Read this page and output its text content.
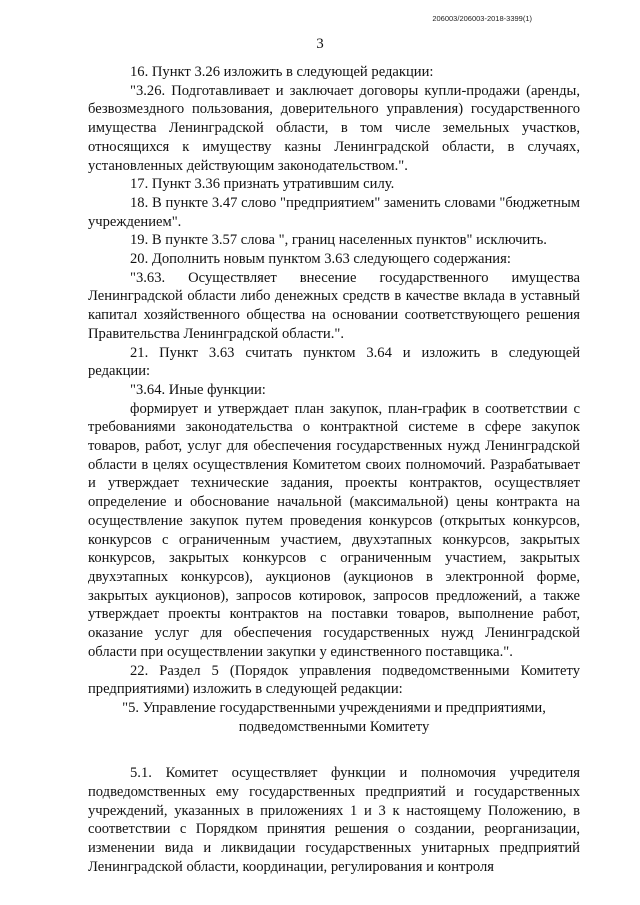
206003/206003-2018-3399(1)
3

16. Пункт 3.26 изложить в следующей редакции:

"3.26. Подготавливает и заключает договоры купли-продажи (аренды, безвозмездного пользования, доверительного управления) государственного имущества Ленинградской области, в том числе земельных участков, относящихся к имуществу казны Ленинградской области, в случаях, установленных действующим законодательством.".

17. Пункт 3.36 признать утратившим силу.

18. В пункте 3.47 слово "предприятием" заменить словами "бюджетным учреждением".

19. В пункте 3.57 слова ", границ населенных пунктов" исключить.

20. Дополнить новым пунктом 3.63 следующего содержания:

"3.63. Осуществляет внесение государственного имущества Ленинградской области либо денежных средств в качестве вклада в уставный капитал хозяйственного общества на основании соответствующего решения Правительства Ленинградской области.".

21. Пункт 3.63 считать пунктом 3.64 и изложить в следующей редакции:

"3.64. Иные функции:

формирует и утверждает план закупок, план-график в соответствии с требованиями законодательства о контрактной системе в сфере закупок товаров, работ, услуг для обеспечения государственных нужд Ленинградской области в целях осуществления Комитетом своих полномочий. Разрабатывает и утверждает технические задания, проекты контрактов, осуществляет определение и обоснование начальной (максимальной) цены контракта на осуществление закупок путем проведения конкурсов (открытых конкурсов, конкурсов с ограниченным участием, двухэтапных конкурсов, закрытых конкурсов, закрытых конкурсов с ограниченным участием, закрытых двухэтапных конкурсов), аукционов (аукционов в электронной форме, закрытых аукционов), запросов котировок, запросов предложений, а также утверждает проекты контрактов на поставки товаров, выполнение работ, оказание услуг для обеспечения государственных нужд Ленинградской области при осуществлении закупки у единственного поставщика.".

22. Раздел 5 (Порядок управления подведомственными Комитету предприятиями) изложить в следующей редакции:

"5. Управление государственными учреждениями и предприятиями, подведомственными Комитету

5.1. Комитет осуществляет функции и полномочия учредителя подведомственных ему государственных предприятий и государственных учреждений, указанных в приложениях 1 и 3 к настоящему Положению, в соответствии с Порядком принятия решения о создании, реорганизации, изменении вида и ликвидации государственных унитарных предприятий Ленинградской области, координации, регулирования и контроля
